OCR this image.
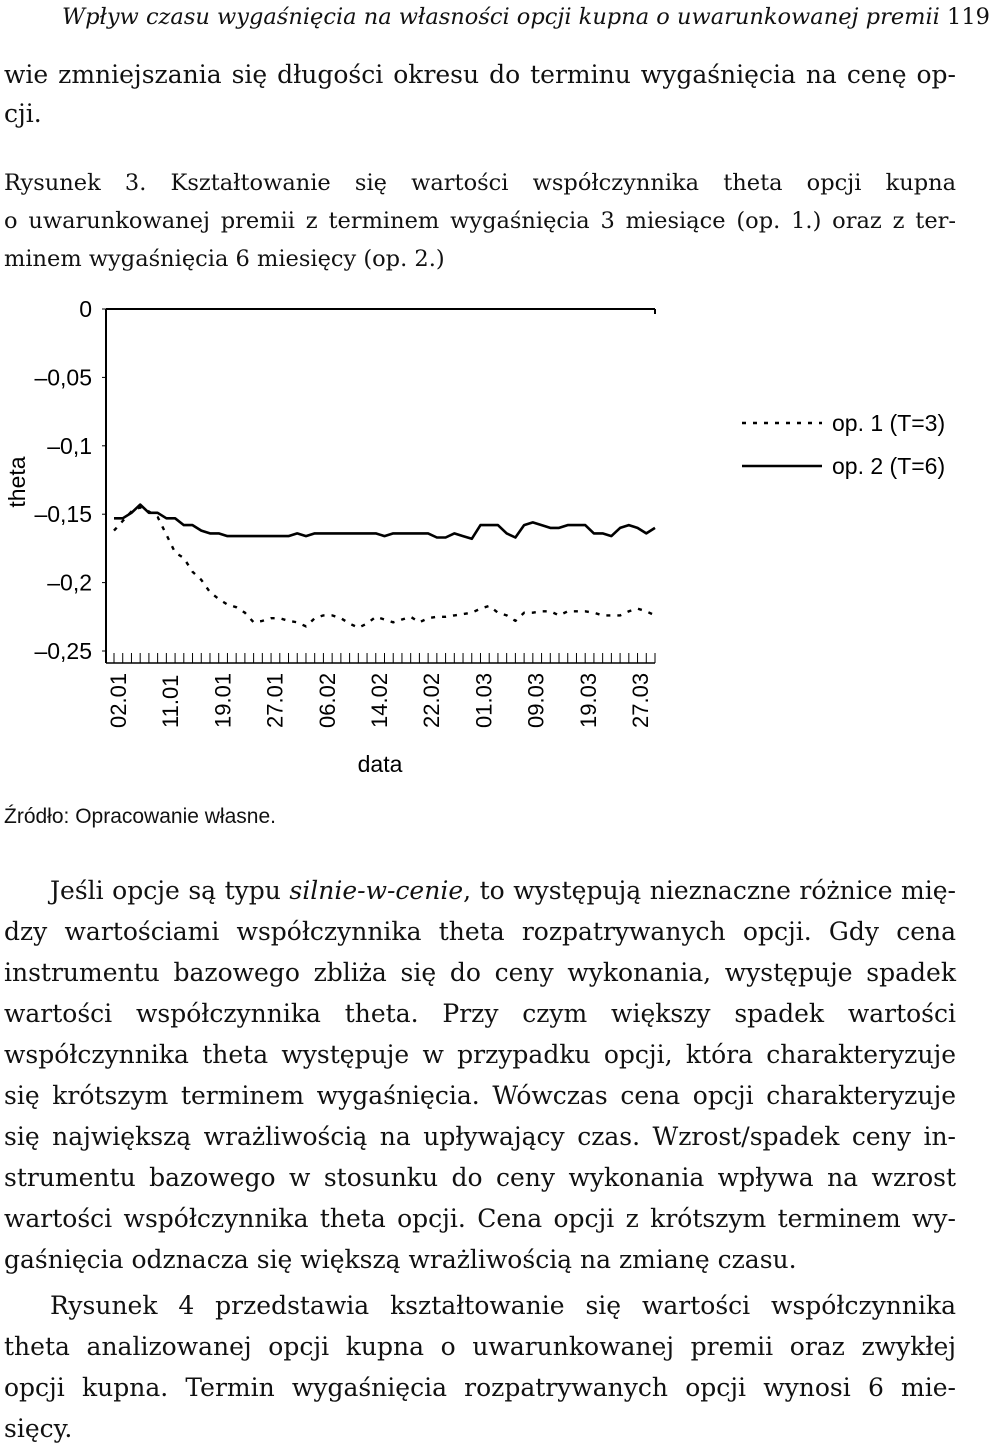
Wpływ czasu wygaśnięcia na własności opcji kupna o uwarunkowanej premii 119
wie zmniejszania się długości okresu do terminu wygaśnięcia na cenę op-
cji.
Rysunek 3. Kształtowanie się wartości współczynnika theta opcji kupna
o uwarunkowanej premii z terminem wygaśnięcia 3 miesiące (op. 1.) oraz z ter-
minem wygaśnięcia 6 miesięcy (op. 2.)
0
–0,05
–0,1
–0,15
–0,2
–0,25
02.01 11.01 19.01 27.01 06.02 14.02 22.02 01.03 09.03 19.03 27.03
op. 1 (T=3)
op. 2 (T=6)
theta
data
Źródło: Opracowanie własne.
Jeśli opcje są typu silnie-w-cenie, to występują nieznaczne różnice mię-
dzy wartościami współczynnika theta rozpatrywanych opcji. Gdy cena
instrumentu bazowego zbliża się do ceny wykonania, występuje spadek
wartości współczynnika theta. Przy czym większy spadek wartości
współczynnika theta występuje w przypadku opcji, która charakteryzuje
się krótszym terminem wygaśnięcia. Wówczas cena opcji charakteryzuje
się największą wrażliwością na upływający czas. Wzrost/spadek ceny in-
strumentu bazowego w stosunku do ceny wykonania wpływa na wzrost
wartości współczynnika theta opcji. Cena opcji z krótszym terminem wy-
gaśnięcia odznacza się większą wrażliwością na zmianę czasu.
Rysunek 4 przedstawia kształtowanie się wartości współczynnika
theta analizowanej opcji kupna o uwarunkowanej premii oraz zwykłej
opcji kupna. Termin wygaśnięcia rozpatrywanych opcji wynosi 6 mie-
sięcy.
